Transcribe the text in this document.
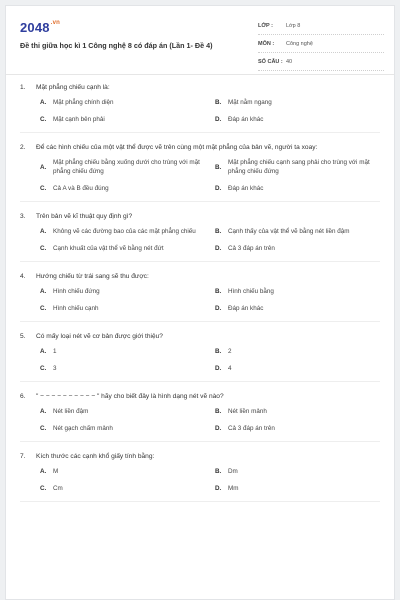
$2048^{.vn}$
Đề thi giữa học kì 1 Công nghệ 8 có đáp án (Lần 1- Đề 4)
LỚP :	Lớp 8
MÔN :	Công nghệ
SỐ CÂU : 40
1.	Mặt phẳng chiếu cạnh là:
A.	Mặt phẳng chính diện	B.	Mặt nằm ngang
C.	Mặt cạnh bên phải	D.	Đáp án khác
2.	Để các hình chiếu của một vật thể được vẽ trên cùng một mặt phẳng của bản vẽ, người ta xoay:
A.
Mặt phẳng chiếu bằng xuống dưới cho trùng với mặt phẳng chiếu đứng
B.
Mặt phẳng chiếu cạnh sang phải cho trùng với mặt phẳng chiếu đứng
C.	Cả A và B đều đúng	D.	Đáp án khác
3.	Trên bản vẽ kĩ thuật quy định gì?
A.	Không vẽ các đường bao của các mặt phẳng chiếu	B.	Cạnh thấy của vật thể vẽ bằng nét liền đậm
C.	Cạnh khuất của vật thể vẽ bằng nét đứt	D.	Cả 3 đáp án trên
4.	Hướng chiếu từ trái sang sẽ thu được:
A.	Hình chiếu đứng	B.	Hình chiếu bằng
C.	Hình chiếu cạnh	D.	Đáp án khác
5.	Có mấy loại nét vẽ cơ bản được giới thiệu?
A.	1	B.	2
C.	3	D.	4
6.	" − − − − − − − − − − " hãy cho biết đây là hình dạng nét vẽ nào?
A.	Nét liền đậm	B.	Nét liền mảnh
C.	Nét gạch chấm mảnh	D.	Cả 3 đáp án trên
7.	Kích thước các cạnh khổ giấy tính bằng:
A.	M	B.	Dm
C.	Cm	D.	Mm
